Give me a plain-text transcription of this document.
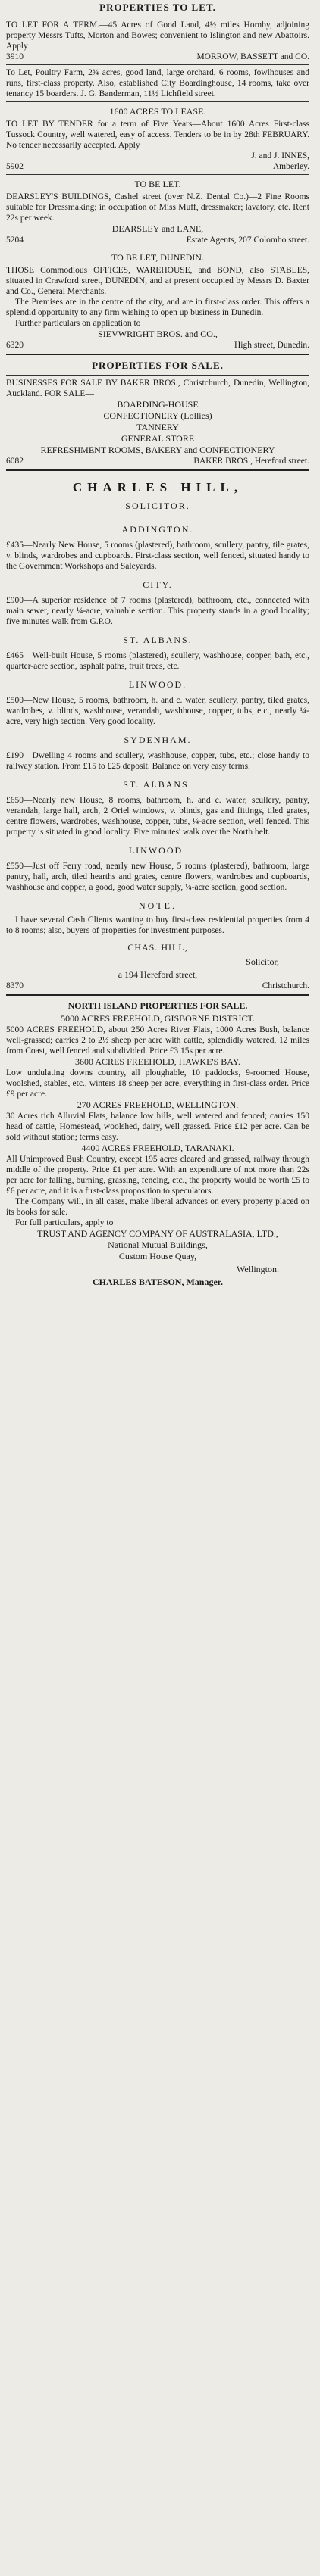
PROPERTIES TO LET.
TO LET FOR A TERM.—45 Acres of Good Land, 4½ miles Hornby, adjoining property Messrs Tufts, Morton and Bowes; convenient to Islington and new Abattoirs. Apply
3910	MORROW, BASSETT and CO.
To Let, Poultry Farm, 2¾ acres, good land, large orchard, 6 rooms, fowlhouses and runs, first-class property. Also, established City Boardinghouse, 14 rooms, take over tenancy 15 boarders. J. G. Banderman, 11½ Lichfield street.
1600 ACRES TO LEASE.
TO LET BY TENDER for a term of Five Years—About 1600 Acres First-class Tussock Country, well watered, easy of access. Tenders to be in by 28th FEBRUARY. No tender necessarily accepted. Apply
J. and J. INNES,
5902	Amberley.
TO BE LET.
DEARSLEY'S BUILDINGS, Cashel street (over N.Z. Dental Co.)—2 Fine Rooms suitable for Dressmaking; in occupation of Miss Muff, dressmaker; lavatory, etc. Rent 22s per week.
DEARSLEY and LANE,
5204	Estate Agents, 207 Colombo street.
TO BE LET, DUNEDIN.
THOSE Commodious OFFICES, WAREHOUSE, and BOND, also STABLES, situated in Crawford street, DUNEDIN, and at present occupied by Messrs D. Baxter and Co., General Merchants.
The Premises are in the centre of the city, and are in first-class order. This offers a splendid opportunity to any firm wishing to open up business in Dunedin.
Further particulars on application to
SIEVWRIGHT BROS. and CO.,
6320	High street, Dunedin.
PROPERTIES FOR SALE.
BUSINESSES FOR SALE BY BAKER BROS., Christchurch, Dunedin, Wellington, Auckland. FOR SALE—
BOARDING-HOUSE
CONFECTIONERY (Lollies)
TANNERY
GENERAL STORE
REFRESHMENT ROOMS, BAKERY and CONFECTIONERY
6082	BAKER BROS., Hereford street.
CHARLES HILL,
SOLICITOR.
ADDINGTON.
£435—Nearly New House, 5 rooms (plastered), bathroom, scullery, pantry, tile grates, v. blinds, wardrobes and cupboards. First-class section, well fenced, situated handy to the Government Workshops and Saleyards.
CITY.
£900—A superior residence of 7 rooms (plastered), bathroom, etc., connected with main sewer, nearly ¼-acre, valuable section. This property stands in a good locality; five minutes walk from G.P.O.
ST. ALBANS.
£465—Well-built House, 5 rooms (plastered), scullery, washhouse, copper, bath, etc., quarter-acre section, asphalt paths, fruit trees, etc.
LINWOOD.
£500—New House, 5 rooms, bathroom, h. and c. water, scullery, pantry, tiled grates, wardrobes, v. blinds, washhouse, verandah, washhouse, copper, tubs, etc., nearly ¼-acre, very high section. Very good locality.
SYDENHAM.
£190—Dwelling 4 rooms and scullery, washhouse, copper, tubs, etc.; close handy to railway station. From £15 to £25 deposit. Balance on very easy terms.
ST. ALBANS.
£650—Nearly new House, 8 rooms, bathroom, h. and c. water, scullery, pantry, verandah, large hall, arch, 2 Oriel windows, v. blinds, gas and fittings, tiled grates, centre flowers, wardrobes, washhouse, copper, tubs, ¼-acre section, well fenced. This property is situated in good locality. Five minutes' walk over the North belt.
LINWOOD.
£550—Just off Ferry road, nearly new House, 5 rooms (plastered), bathroom, large pantry, hall, arch, tiled hearths and grates, centre flowers, wardrobes and cupboards, washhouse and copper, a good, good water supply, ¼-acre section, good section.
NOTE.
I have several Cash Clients wanting to buy first-class residential properties from 4 to 8 rooms; also, buyers of properties for investment purposes.
CHAS. HILL,
Solicitor,
a 194 Hereford street,
8370	Christchurch.
NORTH ISLAND PROPERTIES FOR SALE.
5000 ACRES FREEHOLD, GISBORNE DISTRICT.
5000 ACRES FREEHOLD, about 250 Acres River Flats, 1000 Acres Bush, balance well-grassed; carries 2 to 2½ sheep per acre with cattle, splendidly watered, 12 miles from Coast, well fenced and subdivided. Price £3 15s per acre.
3600 ACRES FREEHOLD, HAWKE'S BAY.
Low undulating downs country, all ploughable, 10 paddocks, 9-roomed House, woolshed, stables, etc., winters 18 sheep per acre, everything in first-class order. Price £9 per acre.
270 ACRES FREEHOLD, WELLINGTON.
30 Acres rich Alluvial Flats, balance low hills, well watered and fenced; carries 150 head of cattle, Homestead, woolshed, dairy, well grassed. Price £12 per acre. Can be sold without station; terms easy.
4400 ACRES FREEHOLD, TARANAKI.
All Unimproved Bush Country, except 195 acres cleared and grassed, railway through middle of the property. Price £1 per acre. With an expenditure of not more than 22s per acre for falling, burning, grassing, fencing, etc., the property would be worth £5 to £6 per acre, and it is a first-class proposition to speculators.
The Company will, in all cases, make liberal advances on every property placed on its books for sale.
For full particulars, apply to
TRUST AND AGENCY COMPANY OF AUSTRALASIA, LTD.,
National Mutual Buildings,
Custom House Quay,
Wellington.
CHARLES BATESON, Manager.
